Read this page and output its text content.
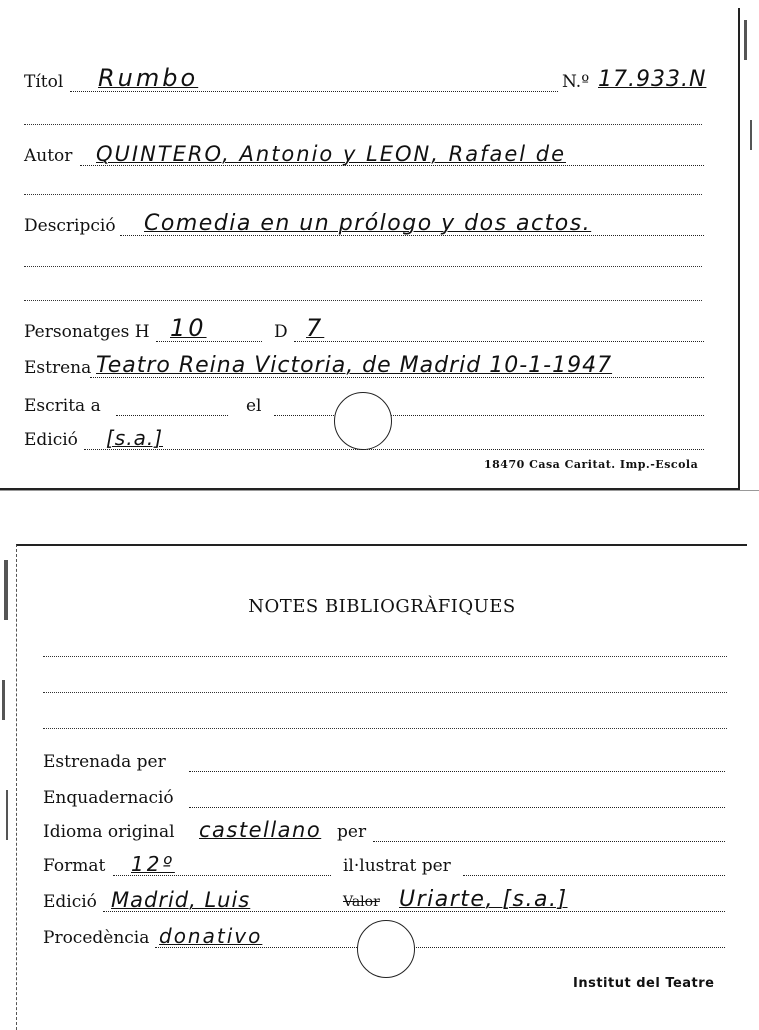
Títol Rumbo	N.º 17.933.N
Autor QUINTERO, Antonio y LEON, Rafael de
Descripció Comedia en un prólogo y dos actos.
Personatges H 10	D 7
Estrena Teatro Reina Victoria, de Madrid 10-1-1947
Escrita a	el
Edició [s.a.]
18470 Casa Caritat. Imp.-Escola
NOTES BIBLIOGRÀFIQUES
Estrenada per
Enquadernació
Idioma original castellano per
Format 12º	il·lustrat per
Edició Madrid, Luis	Valor Uriarte, [s.a.]
Procedència donativo
Institut del Teatre
